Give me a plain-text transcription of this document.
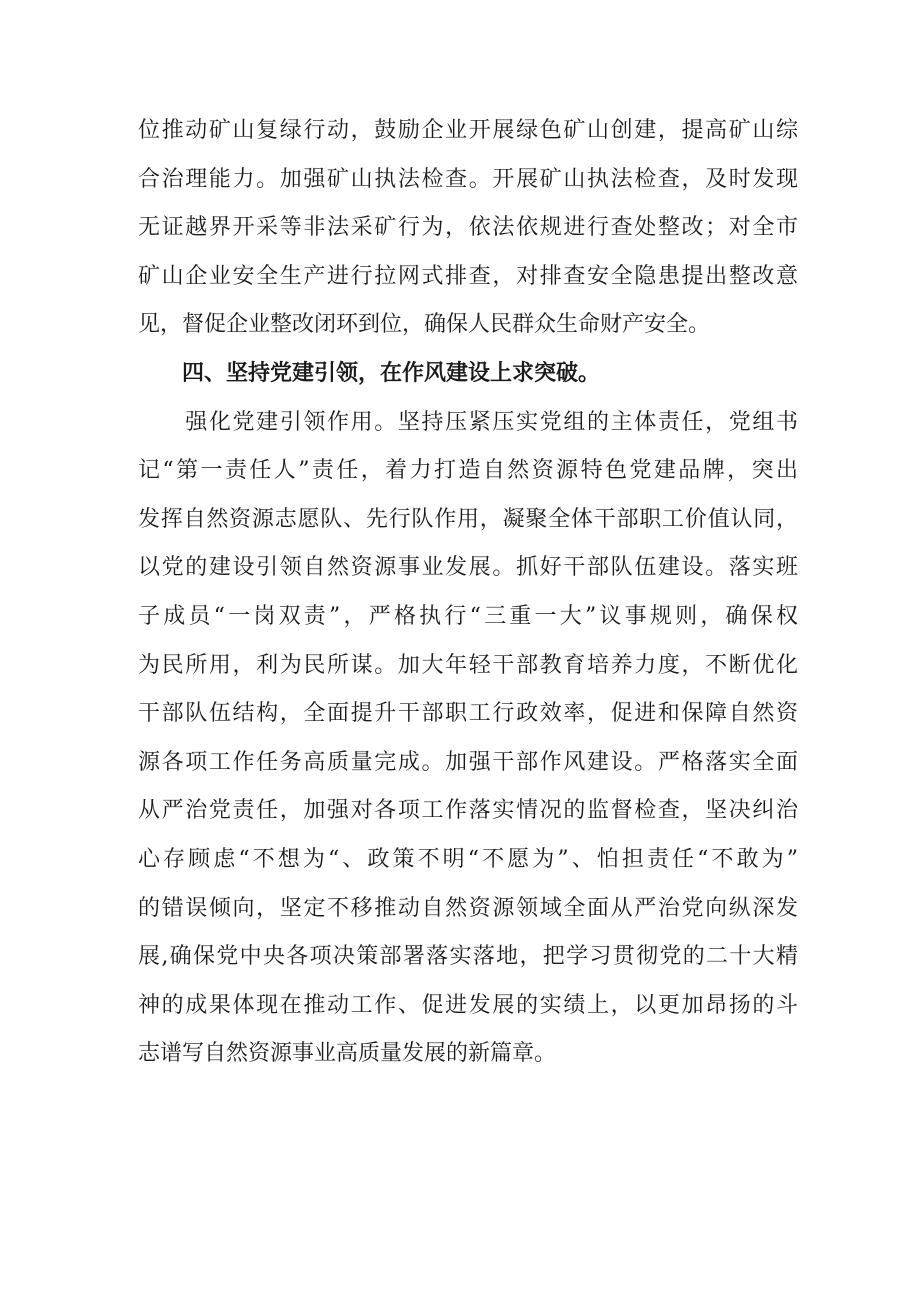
位推动矿山复绿行动，鼓励企业开展绿色矿山创建，提高矿山综
合治理能力。加强矿山执法检查。开展矿山执法检查，及时发现
无证越界开采等非法采矿行为，依法依规进行查处整改；对全市
矿山企业安全生产进行拉网式排查，对排查安全隐患提出整改意
见，督促企业整改闭环到位，确保人民群众生命财产安全。
四、坚持党建引领，在作风建设上求突破。
　　强化党建引领作用。坚持压紧压实党组的主体责任，党组书
记“第一责任人”责任，着力打造自然资源特色党建品牌，突出
发挥自然资源志愿队、先行队作用，凝聚全体干部职工价值认同，
以党的建设引领自然资源事业发展。抓好干部队伍建设。落实班
子成员“一岗双责”，严格执行“三重一大”议事规则，确保权
为民所用，利为民所谋。加大年轻干部教育培养力度，不断优化
干部队伍结构，全面提升干部职工行政效率，促进和保障自然资
源各项工作任务高质量完成。加强干部作风建设。严格落实全面
从严治党责任，加强对各项工作落实情况的监督检查，坚决纠治
心存顾虑“不想为“、政策不明“不愿为”、怕担责任“不敢为”
的错误倾向，坚定不移推动自然资源领域全面从严治党向纵深发
展,确保党中央各项决策部署落实落地，把学习贯彻党的二十大精
神的成果体现在推动工作、促进发展的实绩上，以更加昂扬的斗
志谱写自然资源事业高质量发展的新篇章。
